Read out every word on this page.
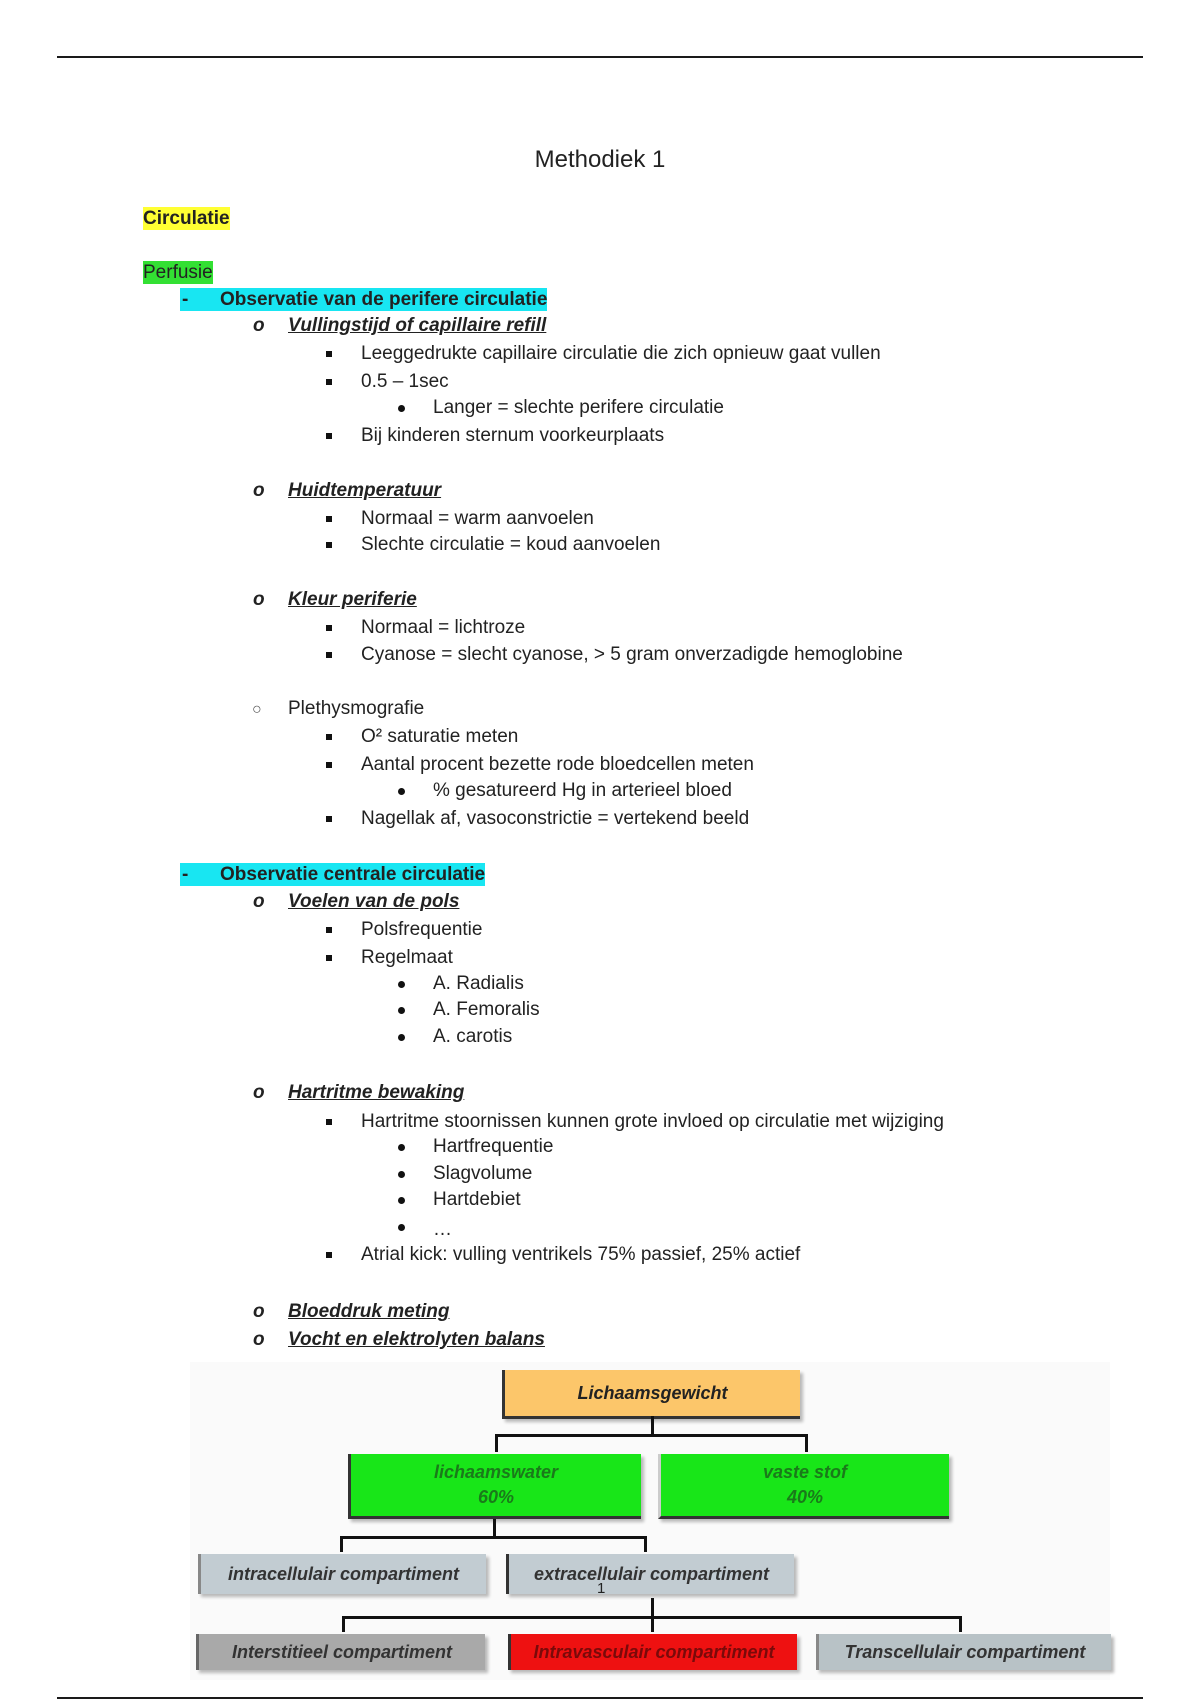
Methodiek 1
Circulatie
Perfusie
- Observatie van de perifere circulatie
o Vullingstijd of capillaire refill
Leeggedrukte capillaire circulatie die zich opnieuw gaat vullen
0.5 – 1sec
Langer = slechte perifere circulatie
Bij kinderen sternum voorkeurplaats
o Huidtemperatuur
Normaal = warm aanvoelen
Slechte circulatie = koud aanvoelen
o Kleur periferie
Normaal = lichtroze
Cyanose = slecht cyanose, > 5 gram onverzadigde hemoglobine
○ Plethysmografie
O² saturatie meten
Aantal procent bezette rode bloedcellen meten
% gesatureerd Hg in arterieel bloed
Nagellak af, vasoconstrictie = vertekend beeld
- Observatie centrale circulatie
o Voelen van de pols
Polsfrequentie
Regelmaat
A. Radialis
A. Femoralis
A. carotis
o Hartritme bewaking
Hartritme stoornissen kunnen grote invloed op circulatie met wijziging
Hartfrequentie
Slagvolume
Hartdebiet
…
Atrial kick: vulling ventrikels 75% passief, 25% actief
o Bloeddruk meting
o Vocht en elektrolyten balans
Lichaamsgewicht
lichaamswater
60%
vaste stof
40%
intracellulair compartiment	extracellulair compartiment
1
Interstitieel compartiment	Intravasculair compartiment	Transcellulair compartiment
